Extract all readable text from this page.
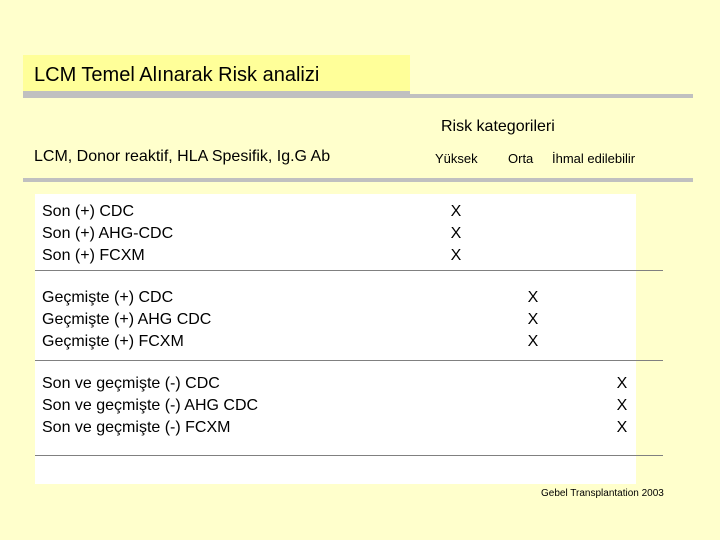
LCM Temel Alınarak Risk analizi
Risk kategorileri
LCM, Donor reaktif, HLA Spesifik, Ig.G Ab	Yüksek Orta İhmal edilebilir
Son (+) CDC
Son (+) AHG-CDC
Son (+) FCXM
X
X
X
Geçmişte (+) CDC
Geçmişte (+) AHG CDC
Geçmişte (+) FCXM
X
X
X
Son ve geçmişte (-) CDC
Son ve geçmişte (-) AHG CDC
Son ve geçmişte (-) FCXM
X
X
X
Gebel Transplantation 2003
